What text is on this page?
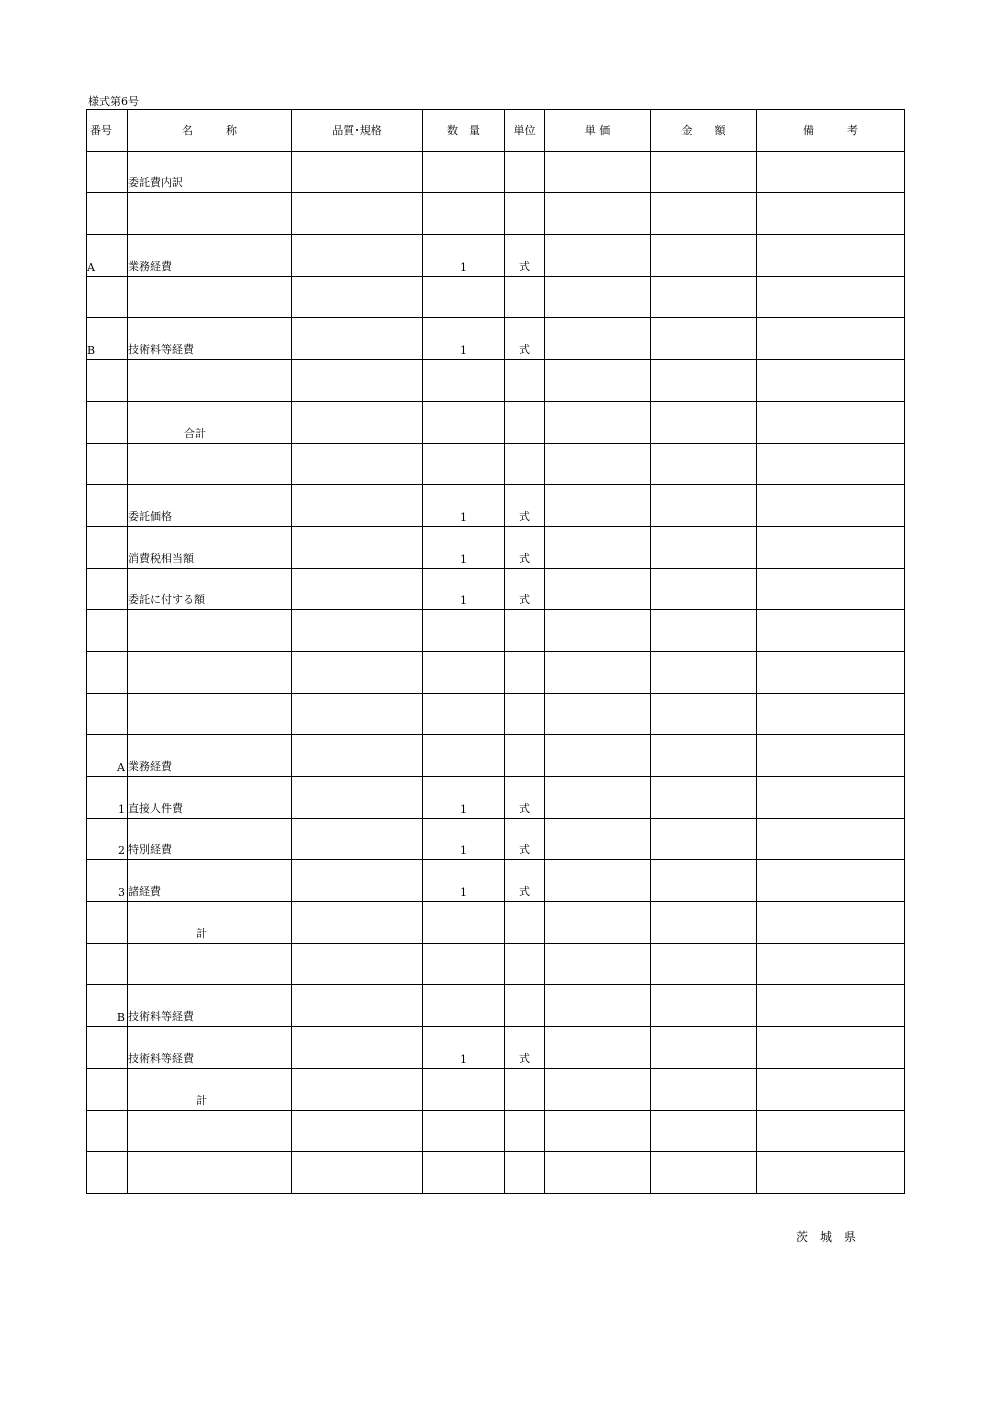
様式第6号
番号	名　　　称	品質･規格	数　量	単位	単 価	金　　額	備　　　考
	委託費内訳						

A	業務経費		1	式			

B	技術料等経費		1	式			

	合計						

	委託価格		1	式			
	消費税相当額		1	式			
	委託に付する額		1	式			

A	業務経費						
1	直接人件費		1	式			
2	特別経費		1	式			
3	諸経費		1	式			
	計						

B	技術料等経費						
	技術料等経費		1	式			
	計						

茨　城　県
